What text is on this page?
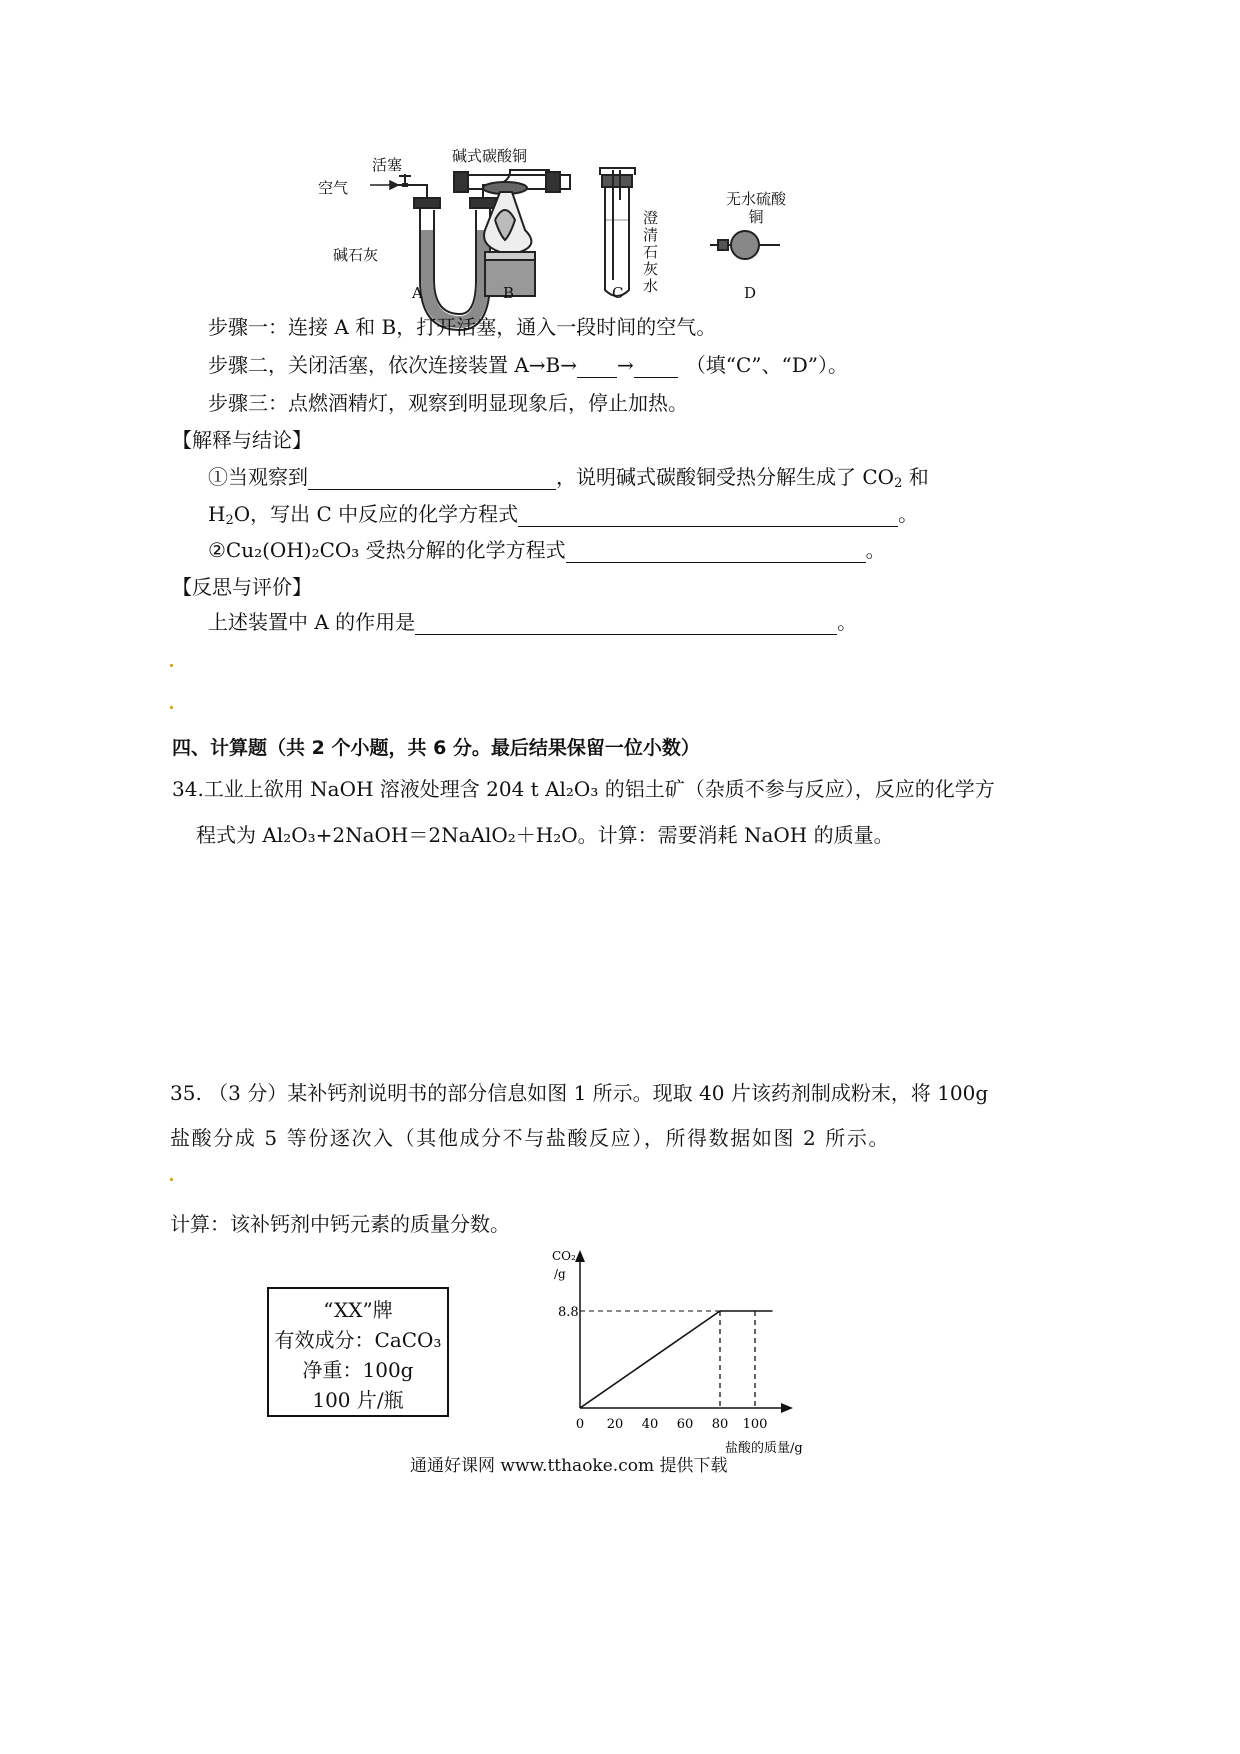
活塞
空气
碱石灰
碱式碳酸铜
澄清石灰水
无水硫酸铜
A	B	C	D
步骤一：连接 A 和 B，打开活塞，通入一段时间的空气。
步骤二，关闭活塞，依次连接装置 A→B→ →	（填“C”、“D”）。
步骤三：点燃酒精灯，观察到明显现象后，停止加热。
【解释与结论】
①当观察到	，说明碱式碳酸铜受热分解生成了 $CO_2$ 和
$H_2O$，写出 C 中反应的化学方程式	。
②Cu₂(OH)₂CO₃ 受热分解的化学方程式	。
【反思与评价】
上述装置中 A 的作用是	。
四、计算题（共 2 个小题，共 6 分。最后结果保留一位小数）
34.工业上欲用 NaOH 溶液处理含 204 t Al₂O₃ 的铝土矿（杂质不参与反应），反应的化学方
程式为 Al₂O₃+2NaOH＝2NaAlO₂＋H₂O。计算：需要消耗 NaOH 的质量。
35. （3 分）某补钙剂说明书的部分信息如图 1 所示。现取 40 片该药剂制成粉末，将 100g
盐酸分成 5 等份逐次入（其他成分不与盐酸反应），所得数据如图 2 所示。
计算：该补钙剂中钙元素的质量分数。
“XX”牌
有效成分：CaCO₃
净重：100g
100 片/瓶
CO₂
/g
8.8
0 20 40 60 80 100
盐酸的质量/g
通通好课网 www.tthaoke.com 提供下载
